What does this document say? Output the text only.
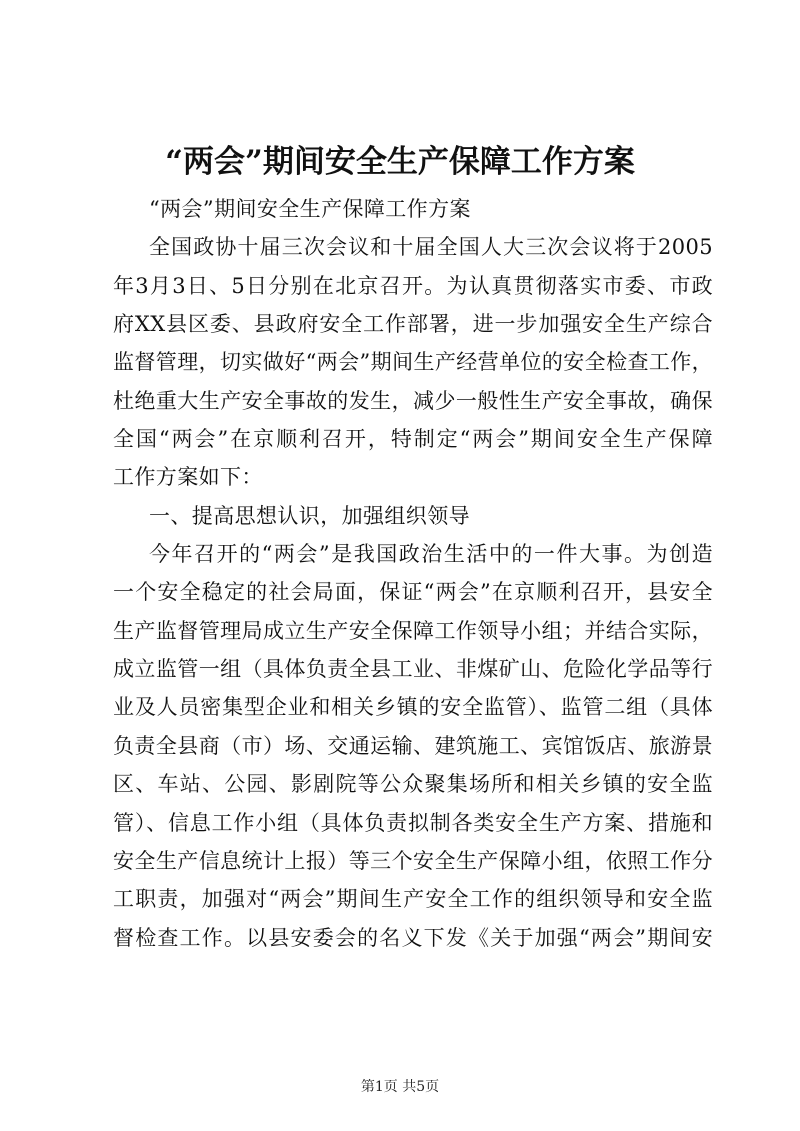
“两会”期间安全生产保障工作方案
“两会”期间安全生产保障工作方案
全国政协十届三次会议和十届全国人大三次会议将于2005
年3月3日、5日分别在北京召开。为认真贯彻落实市委、市政
府XX县区委、县政府安全工作部署，进一步加强安全生产综合
监督管理，切实做好“两会”期间生产经营单位的安全检查工作，
杜绝重大生产安全事故的发生，减少一般性生产安全事故，确保
全国“两会”在京顺利召开，特制定“两会”期间安全生产保障
工作方案如下：
一、提高思想认识，加强组织领导
今年召开的“两会”是我国政治生活中的一件大事。为创造
一个安全稳定的社会局面，保证“两会”在京顺利召开，县安全
生产监督管理局成立生产安全保障工作领导小组；并结合实际，
成立监管一组（具体负责全县工业、非煤矿山、危险化学品等行
业及人员密集型企业和相关乡镇的安全监管）、监管二组（具体
负责全县商（市）场、交通运输、建筑施工、宾馆饭店、旅游景
区、车站、公园、影剧院等公众聚集场所和相关乡镇的安全监
管）、信息工作小组（具体负责拟制各类安全生产方案、措施和
安全生产信息统计上报）等三个安全生产保障小组，依照工作分
工职责，加强对“两会”期间生产安全工作的组织领导和安全监
督检查工作。以县安委会的名义下发《关于加强“两会”期间安
第1页 共5页
